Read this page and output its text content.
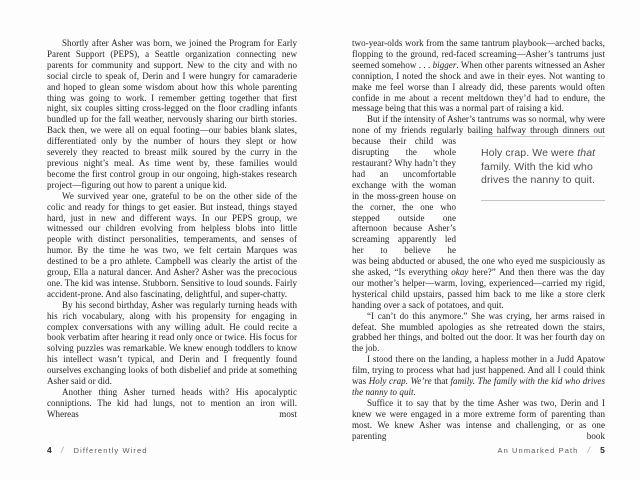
Shortly after Asher was born, we joined the Program for Early Parent Support (PEPS), a Seattle organization connecting new parents for community and support. New to the city and with no social circle to speak of, Derin and I were hungry for camaraderie and hoped to glean some wisdom about how this whole parenting thing was going to work. I remember getting together that first night, six couples sitting cross-legged on the floor cradling infants bundled up for the fall weather, nervously sharing our birth stories. Back then, we were all on equal footing—our babies blank slates, differentiated only by the number of hours they slept or how severely they reacted to breast milk soured by the curry in the previous night’s meal. As time went by, these families would become the first control group in our ongoing, high-stakes research project—figuring out how to parent a unique kid.

We survived year one, grateful to be on the other side of the colic and ready for things to get easier. But instead, things stayed hard, just in new and different ways. In our PEPS group, we witnessed our children evolving from helpless blobs into little people with distinct personalities, temperaments, and senses of humor. By the time he was two, we felt certain Marques was destined to be a pro athlete. Campbell was clearly the artist of the group, Ella a natural dancer. And Asher? Asher was the precocious one. The kid was intense. Stubborn. Sensitive to loud sounds. Fairly accident-prone. And also fascinating, delightful, and super-chatty.

By his second birthday, Asher was regularly turning heads with his rich vocabulary, along with his propensity for engaging in complex conversations with any willing adult. He could recite a book verbatim after hearing it read only once or twice. His focus for solving puzzles was remarkable. We knew enough toddlers to know his intellect wasn’t typical, and Derin and I frequently found ourselves exchanging looks of both disbelief and pride at something Asher said or did.

Another thing Asher turned heads with? His apocalyptic conniptions. The kid had lungs, not to mention an iron will. Whereas most

4 / Differently Wired

two-year-olds work from the same tantrum playbook—arched backs, flopping to the ground, red-faced screaming—Asher’s tantrums just seemed somehow . . . bigger. When other parents witnessed an Asher conniption, I noted the shock and awe in their eyes. Not wanting to make me feel worse than I already did, these parents would often confide in me about a recent meltdown they’d had to endure, the message being that this was a normal part of raising a kid.

But if the intensity of Asher’s tantrums was so normal, why were none of my friends regularly bailing halfway through dinners out

because their child was disrupting the whole restaurant? Why hadn’t they had an uncomfortable exchange with the woman in the moss-green house on the corner, the one who stepped outside one afternoon because Asher’s screaming apparently led her to believe he

Holy crap. We were that family. With the kid who drives the nanny to quit.

was being abducted or abused, the one who eyed me suspiciously as she asked, “Is everything okay here?” And then there was the day our mother’s helper—warm, loving, experienced—carried my rigid, hysterical child upstairs, passed him back to me like a store clerk handing over a sack of potatoes, and quit.

“I can’t do this anymore.” She was crying, her arms raised in defeat. She mumbled apologies as she retreated down the stairs, grabbed her things, and bolted out the door. It was her fourth day on the job.

I stood there on the landing, a hapless mother in a Judd Apatow film, trying to process what had just happened. And all I could think was Holy crap. We’re that family. The family with the kid who drives the nanny to quit.

Suffice it to say that by the time Asher was two, Derin and I knew we were engaged in a more extreme form of parenting than most. We knew Asher was intense and challenging, or as one parenting book

An Unmarked Path / 5
